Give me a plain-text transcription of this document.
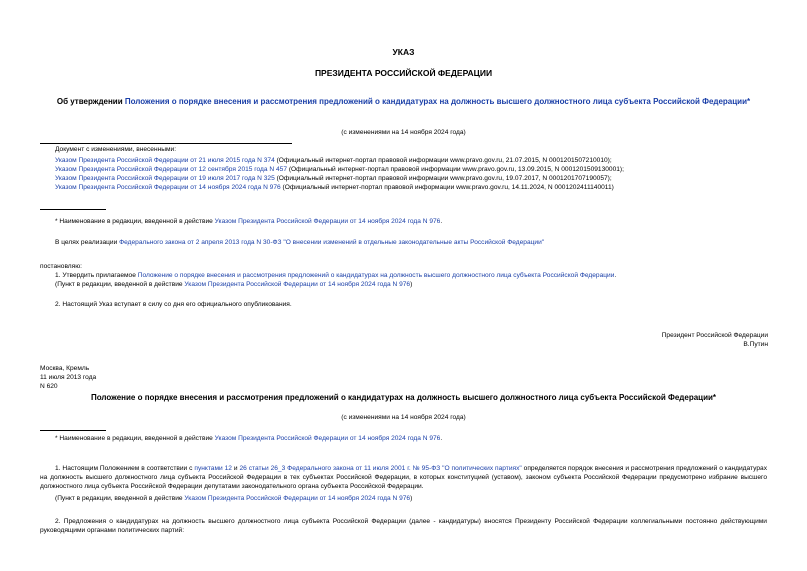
УКАЗ
ПРЕЗИДЕНТА РОССИЙСКОЙ ФЕДЕРАЦИИ
Об утверждении Положения о порядке внесения и рассмотрения предложений о кандидатурах на должность высшего должностного лица субъекта Российской Федерации*
(с изменениями на 14 ноября 2024 года)
Документ с изменениями, внесенными:
Указом Президента Российской Федерации от 21 июля 2015 года N 374 (Официальный интернет-портал правовой информации www.pravo.gov.ru, 21.07.2015, N 0001201507210010);
Указом Президента Российской Федерации от 12 сентября 2015 года N 457 (Официальный интернет-портал правовой информации www.pravo.gov.ru, 13.09.2015, N 0001201509130001);
Указом Президента Российской Федерации от 19 июля 2017 года N 325 (Официальный интернет-портал правовой информации www.pravo.gov.ru, 19.07.2017, N 0001201707190057);
Указом Президента Российской Федерации от 14 ноября 2024 года N 976 (Официальный интернет-портал правовой информации www.pravo.gov.ru, 14.11.2024, N 0001202411140011)
* Наименование в редакции, введенной в действие Указом Президента Российской Федерации от 14 ноября 2024 года N 976.
В целях реализации Федерального закона от 2 апреля 2013 года N 30-ФЗ "О внесении изменений в отдельные законодательные акты Российской Федерации"
постановляю:
1. Утвердить прилагаемое Положение о порядке внесения и рассмотрения предложений о кандидатурах на должность высшего должностного лица субъекта Российской Федерации.
(Пункт в редакции, введенной в действие Указом Президента Российской Федерации от 14 ноября 2024 года N 976)
2. Настоящий Указ вступает в силу со дня его официального опубликования.
Президент Российской Федерации
В.Путин
Москва, Кремль
11 июля 2013 года
N 620
Положение о порядке внесения и рассмотрения предложений о кандидатурах на должность высшего должностного лица субъекта Российской Федерации*
(с изменениями на 14 ноября 2024 года)
* Наименование в редакции, введенной в действие Указом Президента Российской Федерации от 14 ноября 2024 года N 976.
1. Настоящим Положением в соответствии с пунктами 12 и 26 статьи 26_3 Федерального закона от 11 июля 2001 г. № 95-ФЗ "О политических партиях" определяется порядок внесения и рассмотрения предложений о кандидатурах на должность высшего должностного лица субъекта Российской Федерации в тех субъектах Российской Федерации, в которых конституцией (уставом), законом субъекта Российской Федерации предусмотрено избрание высшего должностного лица субъекта Российской Федерации депутатами законодательного органа субъекта Российской Федерации.
(Пункт в редакции, введенной в действие Указом Президента Российской Федерации от 14 ноября 2024 года N 976)
2. Предложения о кандидатурах на должность высшего должностного лица субъекта Российской Федерации (далее - кандидатуры) вносятся Президенту Российской Федерации коллегиальными постоянно действующими руководящими органами политических партий:
